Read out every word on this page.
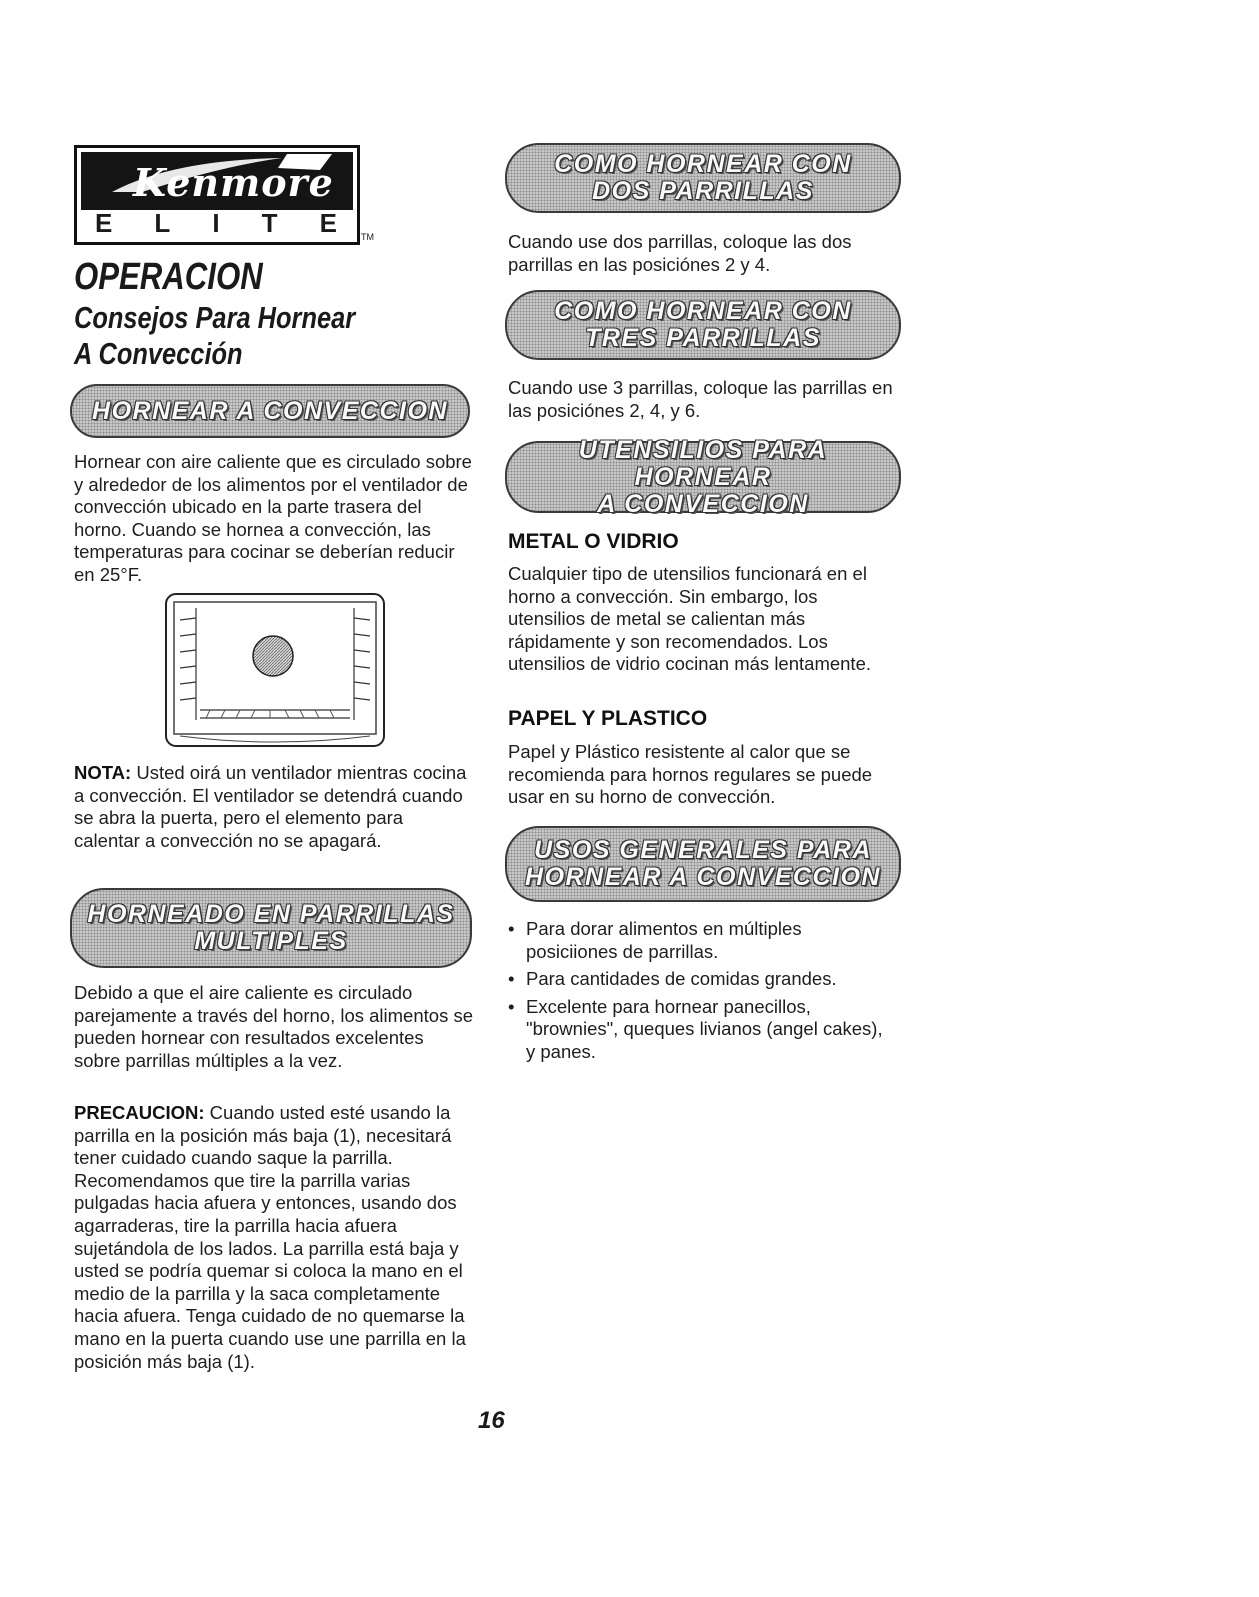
Kenmore
E L I T E	TM
OPERACION
Consejos Para Hornear
A Convección
HORNEAR A CONVECCION

Hornear con aire caliente que es circulado sobre y alrededor de los alimentos por el ventilador de convección ubicado en la parte trasera del horno. Cuando se hornea a convección, las temperaturas para cocinar se deberían reducir en 25°F.

NOTA: Usted oirá un ventilador mientras cocina a convección. El ventilador se detendrá cuando se abra la puerta, pero el elemento para calentar a convección no se apagará.

HORNEADO EN PARRILLAS
MULTIPLES

Debido a que el aire caliente es circulado parejamente a través del horno, los alimentos se pueden hornear con resultados excelentes sobre parrillas múltiples a la vez.

PRECAUCION: Cuando usted esté usando la parrilla en la posición más baja (1), necesitará tener cuidado cuando saque la parrilla. Recomendamos que tire la parrilla varias pulgadas hacia afuera y entonces, usando dos agarraderas, tire la parrilla hacia afuera sujetándola de los lados. La parrilla está baja y usted se podría quemar si coloca la mano en el medio de la parrilla y la saca completamente hacia afuera. Tenga cuidado de no quemarse la mano en la puerta cuando use une parrilla en la posición más baja (1).

COMO HORNEAR CON
DOS PARRILLAS

Cuando use dos parrillas, coloque las dos parrillas en las posiciónes 2 y 4.

COMO HORNEAR CON
TRES PARRILLAS

Cuando use 3 parrillas, coloque las parrillas en las posiciónes 2, 4, y 6.

UTENSILIOS PARA HORNEAR
A CONVECCION
METAL O VIDRIO

Cualquier tipo de utensilios funcionará en el horno a convección. Sin embargo, los utensilios de metal se calientan más rápidamente y son recomendados. Los utensilios de vidrio cocinan más lentamente.

PAPEL Y PLASTICO

Papel y Plástico resistente al calor que se recomienda para hornos regulares se puede usar en su horno de convección.

USOS GENERALES PARA
HORNEAR A CONVECCION
• Para dorar alimentos en múltiples posiciiones de parrillas.
• Para cantidades de comidas grandes.
• Excelente para hornear panecillos, "brownies", queques livianos (angel cakes), y panes.
16
